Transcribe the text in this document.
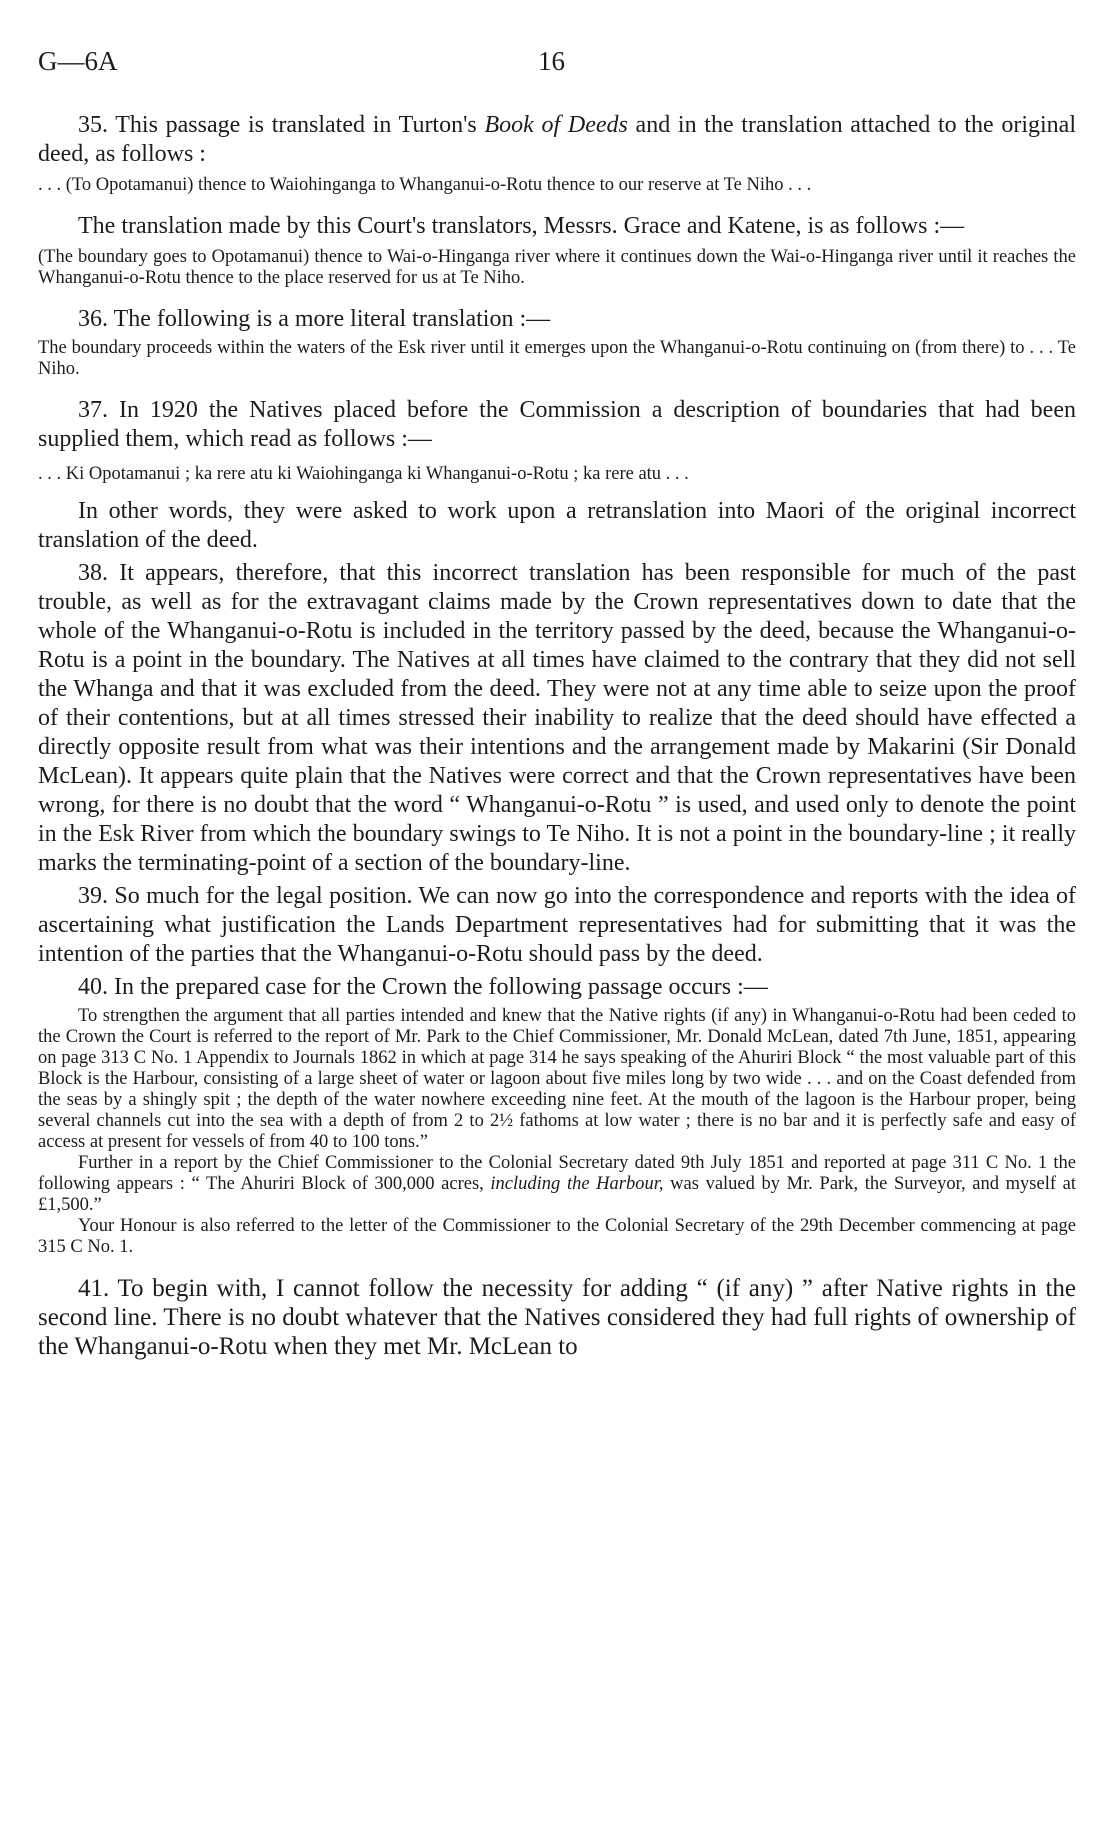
G—6A	16

35. This passage is translated in Turton's Book of Deeds and in the translation attached to the original deed, as follows :

. . . (To Opotamanui) thence to Waiohinganga to Whanganui-o-Rotu thence to our reserve at Te Niho . . .

The translation made by this Court's translators, Messrs. Grace and Katene, is as follows :—

(The boundary goes to Opotamanui) thence to Wai-o-Hinganga river where it continues down the Wai-o-Hinganga river until it reaches the Whanganui-o-Rotu thence to the place reserved for us at Te Niho.

36. The following is a more literal translation :—

The boundary proceeds within the waters of the Esk river until it emerges upon the Whanganui-o-Rotu continuing on (from there) to . . . Te Niho.

37. In 1920 the Natives placed before the Commission a description of boundaries that had been supplied them, which read as follows :—

. . . Ki Opotamanui ; ka rere atu ki Waiohinganga ki Whanganui-o-Rotu ; ka rere atu . . .

In other words, they were asked to work upon a retranslation into Maori of the original incorrect translation of the deed.

38. It appears, therefore, that this incorrect translation has been responsible for much of the past trouble, as well as for the extravagant claims made by the Crown representatives down to date that the whole of the Whanganui-o-Rotu is included in the territory passed by the deed, because the Whanganui-o-Rotu is a point in the boundary. The Natives at all times have claimed to the contrary that they did not sell the Whanga and that it was excluded from the deed. They were not at any time able to seize upon the proof of their contentions, but at all times stressed their inability to realize that the deed should have effected a directly opposite result from what was their intentions and the arrangement made by Makarini (Sir Donald McLean). It appears quite plain that the Natives were correct and that the Crown representatives have been wrong, for there is no doubt that the word “ Whanganui-o-Rotu ” is used, and used only to denote the point in the Esk River from which the boundary swings to Te Niho. It is not a point in the boundary-line ; it really marks the terminating-point of a section of the boundary-line.

39. So much for the legal position. We can now go into the correspondence and reports with the idea of ascertaining what justification the Lands Department representatives had for submitting that it was the intention of the parties that the Whanganui-o-Rotu should pass by the deed.

40. In the prepared case for the Crown the following passage occurs :—

To strengthen the argument that all parties intended and knew that the Native rights (if any) in Whanganui-o-Rotu had been ceded to the Crown the Court is referred to the report of Mr. Park to the Chief Commissioner, Mr. Donald McLean, dated 7th June, 1851, appearing on page 313 C No. 1 Appendix to Journals 1862 in which at page 314 he says speaking of the Ahuriri Block “ the most valuable part of this Block is the Harbour, consisting of a large sheet of water or lagoon about five miles long by two wide . . . and on the Coast defended from the seas by a shingly spit ; the depth of the water nowhere exceeding nine feet. At the mouth of the lagoon is the Harbour proper, being several channels cut into the sea with a depth of from 2 to 2½ fathoms at low water ; there is no bar and it is perfectly safe and easy of access at present for vessels of from 40 to 100 tons.”

Further in a report by the Chief Commissioner to the Colonial Secretary dated 9th July 1851 and reported at page 311 C No. 1 the following appears : “ The Ahuriri Block of 300,000 acres, including the Harbour, was valued by Mr. Park, the Surveyor, and myself at £1,500.”

Your Honour is also referred to the letter of the Commissioner to the Colonial Secretary of the 29th December commencing at page 315 C No. 1.

41. To begin with, I cannot follow the necessity for adding “ (if any) ” after Native rights in the second line. There is no doubt whatever that the Natives considered they had full rights of ownership of the Whanganui-o-Rotu when they met Mr. McLean to
